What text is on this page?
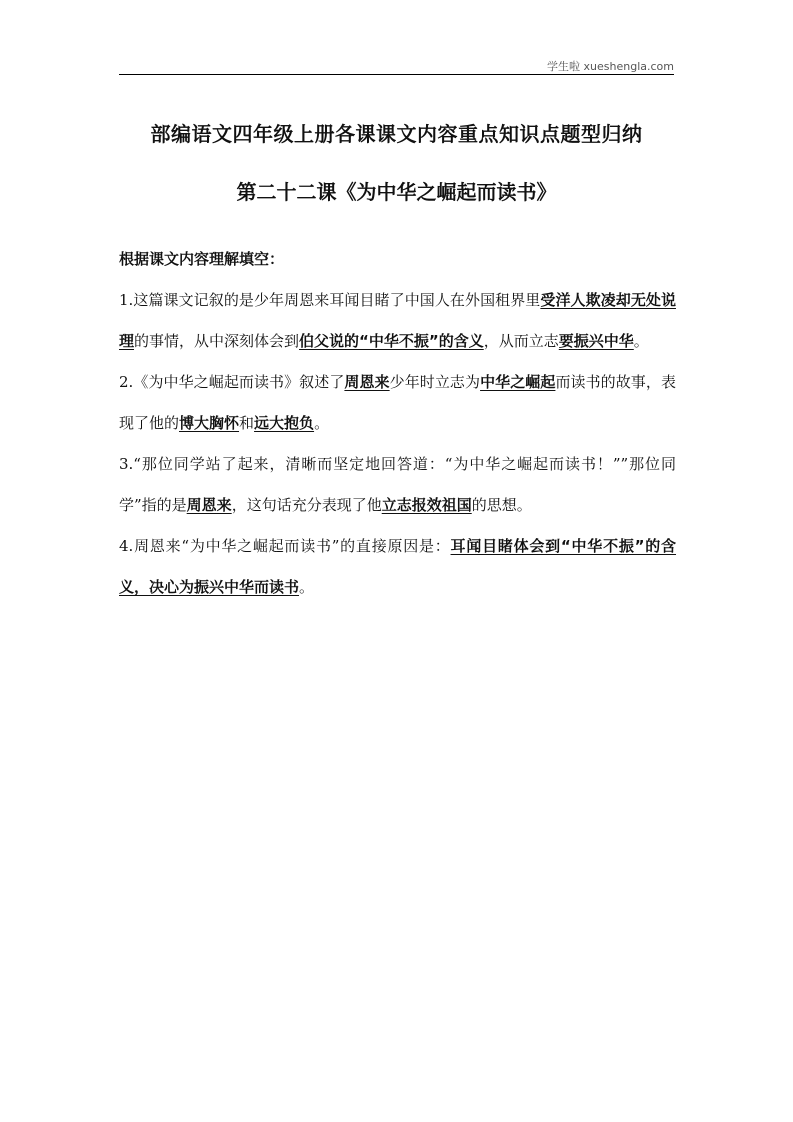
学生啦 xueshengla.com
部编语文四年级上册各课课文内容重点知识点题型归纳
第二十二课《为中华之崛起而读书》
根据课文内容理解填空：

1.这篇课文记叙的是少年周恩来耳闻目睹了中国人在外国租界里受洋人欺凌却无处说理的事情，从中深刻体会到伯父说的“中华不振”的含义，从而立志要振兴中华。

2.《为中华之崛起而读书》叙述了周恩来少年时立志为中华之崛起而读书的故事，表现了他的博大胸怀和远大抱负。

3.“那位同学站了起来，清晰而坚定地回答道：“为中华之崛起而读书！””那位同学”指的是周恩来，这句话充分表现了他立志报效祖国的思想。

4.周恩来“为中华之崛起而读书”的直接原因是：耳闻目睹体会到“中华不振”的含义，决心为振兴中华而读书。
